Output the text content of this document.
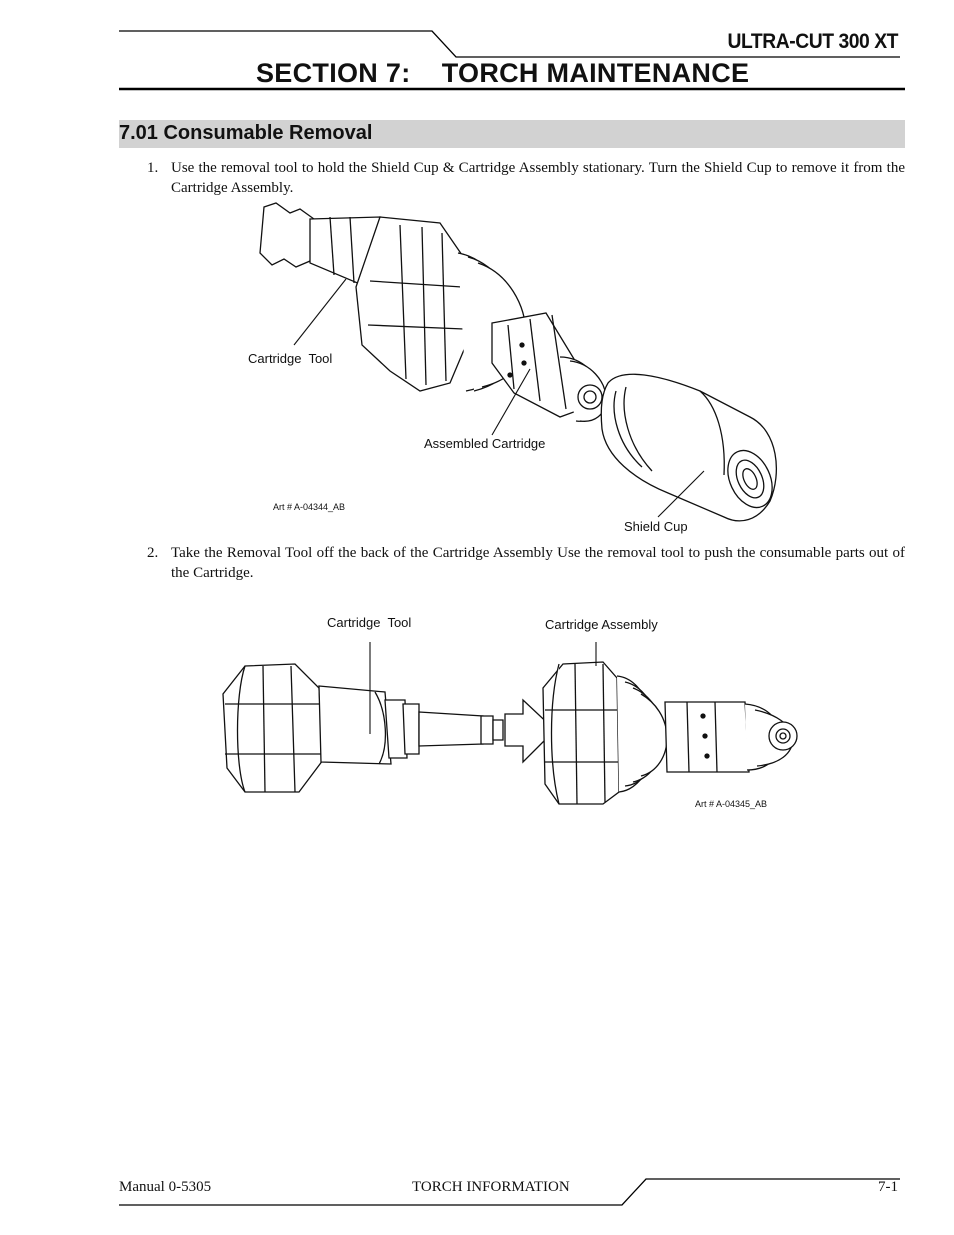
ULTRA-CUT 300 XT
SECTION 7:    TORCH MAINTENANCE
7.01 Consumable Removal
1. Use the removal tool to hold the Shield Cup & Cartridge Assembly stationary. Turn the Shield Cup to remove it from the Cartridge Assembly.
Cartridge  Tool
Assembled Cartridge
Art # A-04344_AB
Shield Cup
2. Take the Removal Tool off the back of the Cartridge Assembly Use the removal tool to push the consumable parts out of the Cartridge.
Cartridge  Tool	Cartridge Assembly
Art # A-04345_AB
Manual 0-5305	TORCH INFORMATION	7-1
